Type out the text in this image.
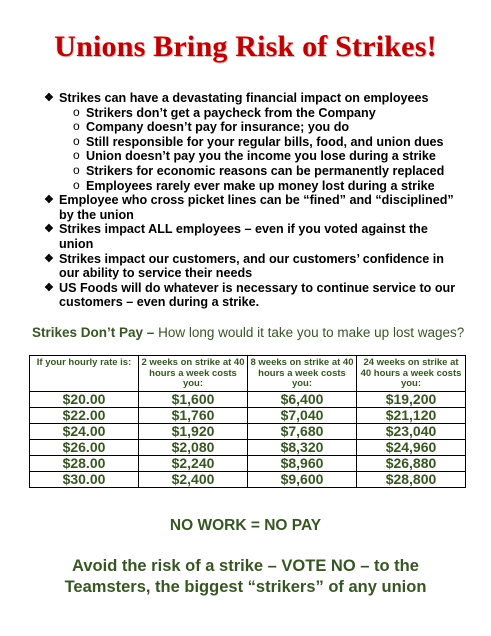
Unions Bring Risk of Strikes!
❖ Strikes can have a devastating financial impact on employees
o Strikers don’t get a paycheck from the Company
o Company doesn’t pay for insurance; you do
o Still responsible for your regular bills, food, and union dues
o Union doesn’t pay you the income you lose during a strike
o Strikers for economic reasons can be permanently replaced
o Employees rarely ever make up money lost during a strike
❖ Employee who cross picket lines can be “fined” and “disciplined” by the union
❖ Strikes impact ALL employees – even if you voted against the union
❖ Strikes impact our customers, and our customers’ confidence in our ability to service their needs
❖ US Foods will do whatever is necessary to continue service to our customers – even during a strike.
Strikes Don’t Pay – How long would it take you to make up lost wages?
If your hourly rate is:	2 weeks on strike at 40 hours a week costs you:	8 weeks on strike at 40 hours a week costs you:	24 weeks on strike at 40 hours a week costs you:
$20.00	$1,600	$6,400	$19,200
$22.00	$1,760	$7,040	$21,120
$24.00	$1,920	$7,680	$23,040
$26.00	$2,080	$8,320	$24,960
$28.00	$2,240	$8,960	$26,880
$30.00	$2,400	$9,600	$28,800
NO WORK = NO PAY
Avoid the risk of a strike – VOTE NO – to the
Teamsters, the biggest “strikers” of any union
